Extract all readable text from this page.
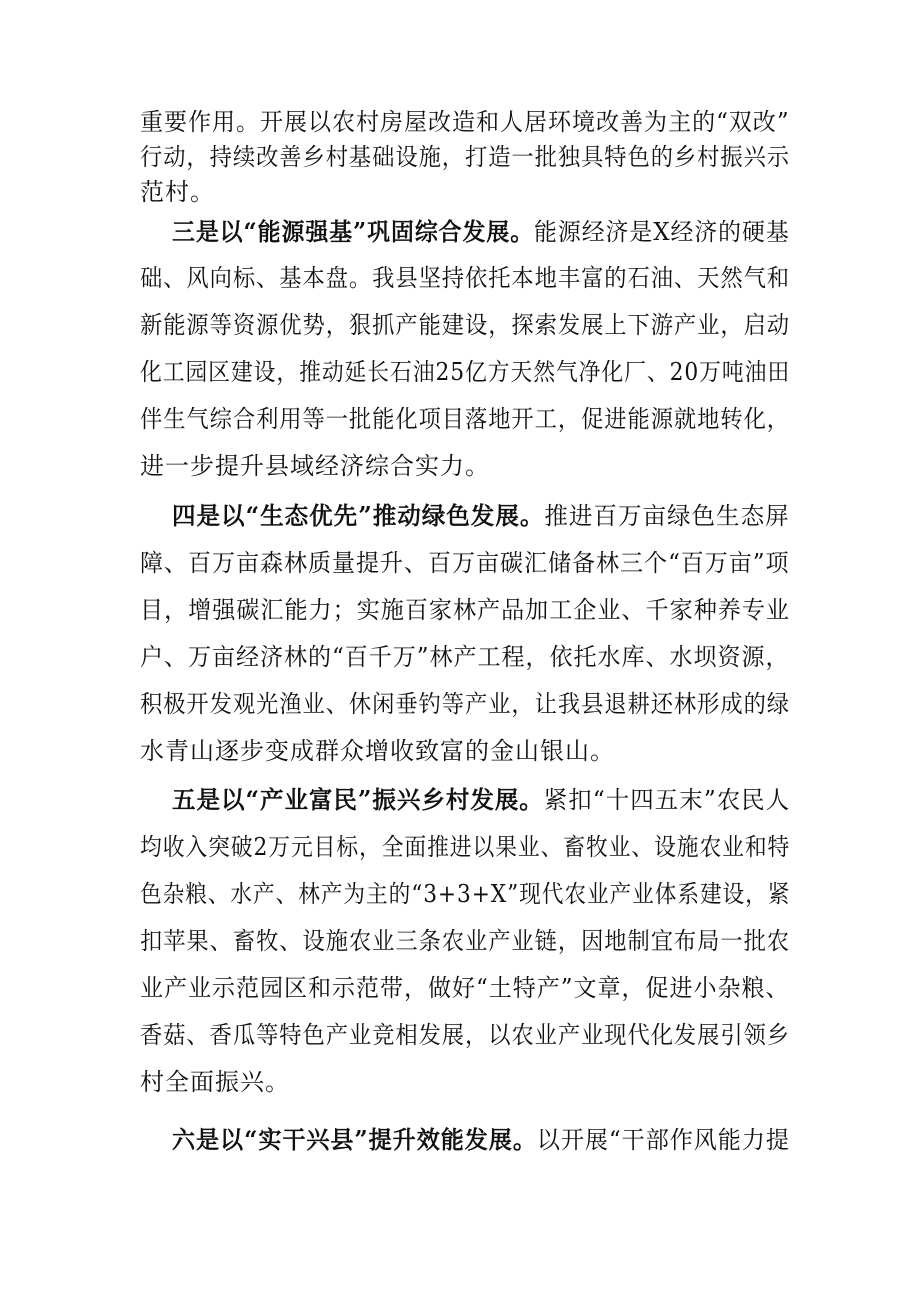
重要作用。开展以农村房屋改造和人居环境改善为主的“双改”
行动，持续改善乡村基础设施，打造一批独具特色的乡村振兴示
范村。
三是以“能源强基”巩固综合发展。能源经济是X经济的硬基
础、风向标、基本盘。我县坚持依托本地丰富的石油、天然气和
新能源等资源优势，狠抓产能建设，探索发展上下游产业，启动
化工园区建设，推动延长石油25亿方天然气净化厂、20万吨油田
伴生气综合利用等一批能化项目落地开工，促进能源就地转化，
进一步提升县域经济综合实力。
四是以“生态优先”推动绿色发展。推进百万亩绿色生态屏
障、百万亩森林质量提升、百万亩碳汇储备林三个“百万亩”项
目，增强碳汇能力；实施百家林产品加工企业、千家种养专业
户、万亩经济林的“百千万”林产工程，依托水库、水坝资源，
积极开发观光渔业、休闲垂钓等产业，让我县退耕还林形成的绿
水青山逐步变成群众增收致富的金山银山。
五是以“产业富民”振兴乡村发展。紧扣“十四五末”农民人
均收入突破2万元目标，全面推进以果业、畜牧业、设施农业和特
色杂粮、水产、林产为主的“3+3+X”现代农业产业体系建设，紧
扣苹果、畜牧、设施农业三条农业产业链，因地制宜布局一批农
业产业示范园区和示范带，做好“土特产”文章，促进小杂粮、
香菇、香瓜等特色产业竞相发展，以农业产业现代化发展引领乡
村全面振兴。
六是以“实干兴县”提升效能发展。以开展“干部作风能力提
